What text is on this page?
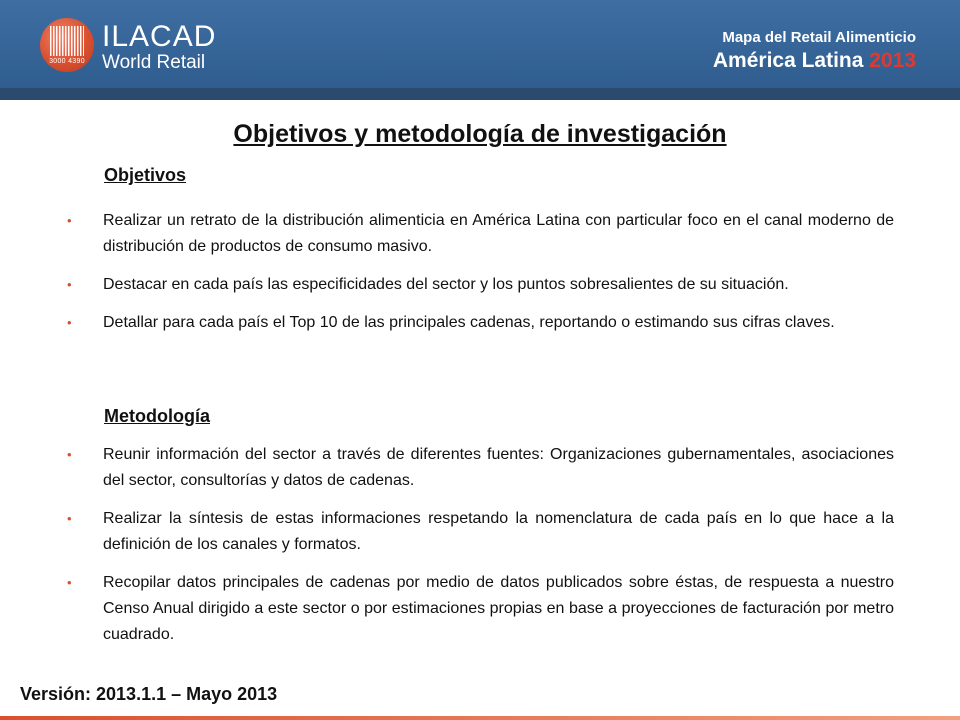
3000 4390
ILACAD
World Retail
Mapa del Retail Alimenticio
América Latina 2013
Objetivos y metodología de investigación
Objetivos
•	Realizar un retrato de la distribución alimenticia en América Latina con particular foco en el canal moderno de distribución de productos de consumo masivo.
•	Destacar en cada país las especificidades del sector y los puntos sobresalientes de su situación.
•	Detallar para cada país el Top 10 de las principales cadenas, reportando o estimando sus cifras claves.
Metodología
•	Reunir información del sector a través de diferentes fuentes: Organizaciones gubernamentales, asociaciones del sector, consultorías y datos de cadenas.
•	Realizar la síntesis de estas informaciones respetando la nomenclatura de cada país en lo que hace a la definición de los canales y formatos.
•	Recopilar datos principales de cadenas por medio de datos publicados sobre éstas, de respuesta a nuestro Censo Anual dirigido a este sector o por estimaciones propias en base a proyecciones de facturación por metro cuadrado.
Versión: 2013.1.1 – Mayo 2013
